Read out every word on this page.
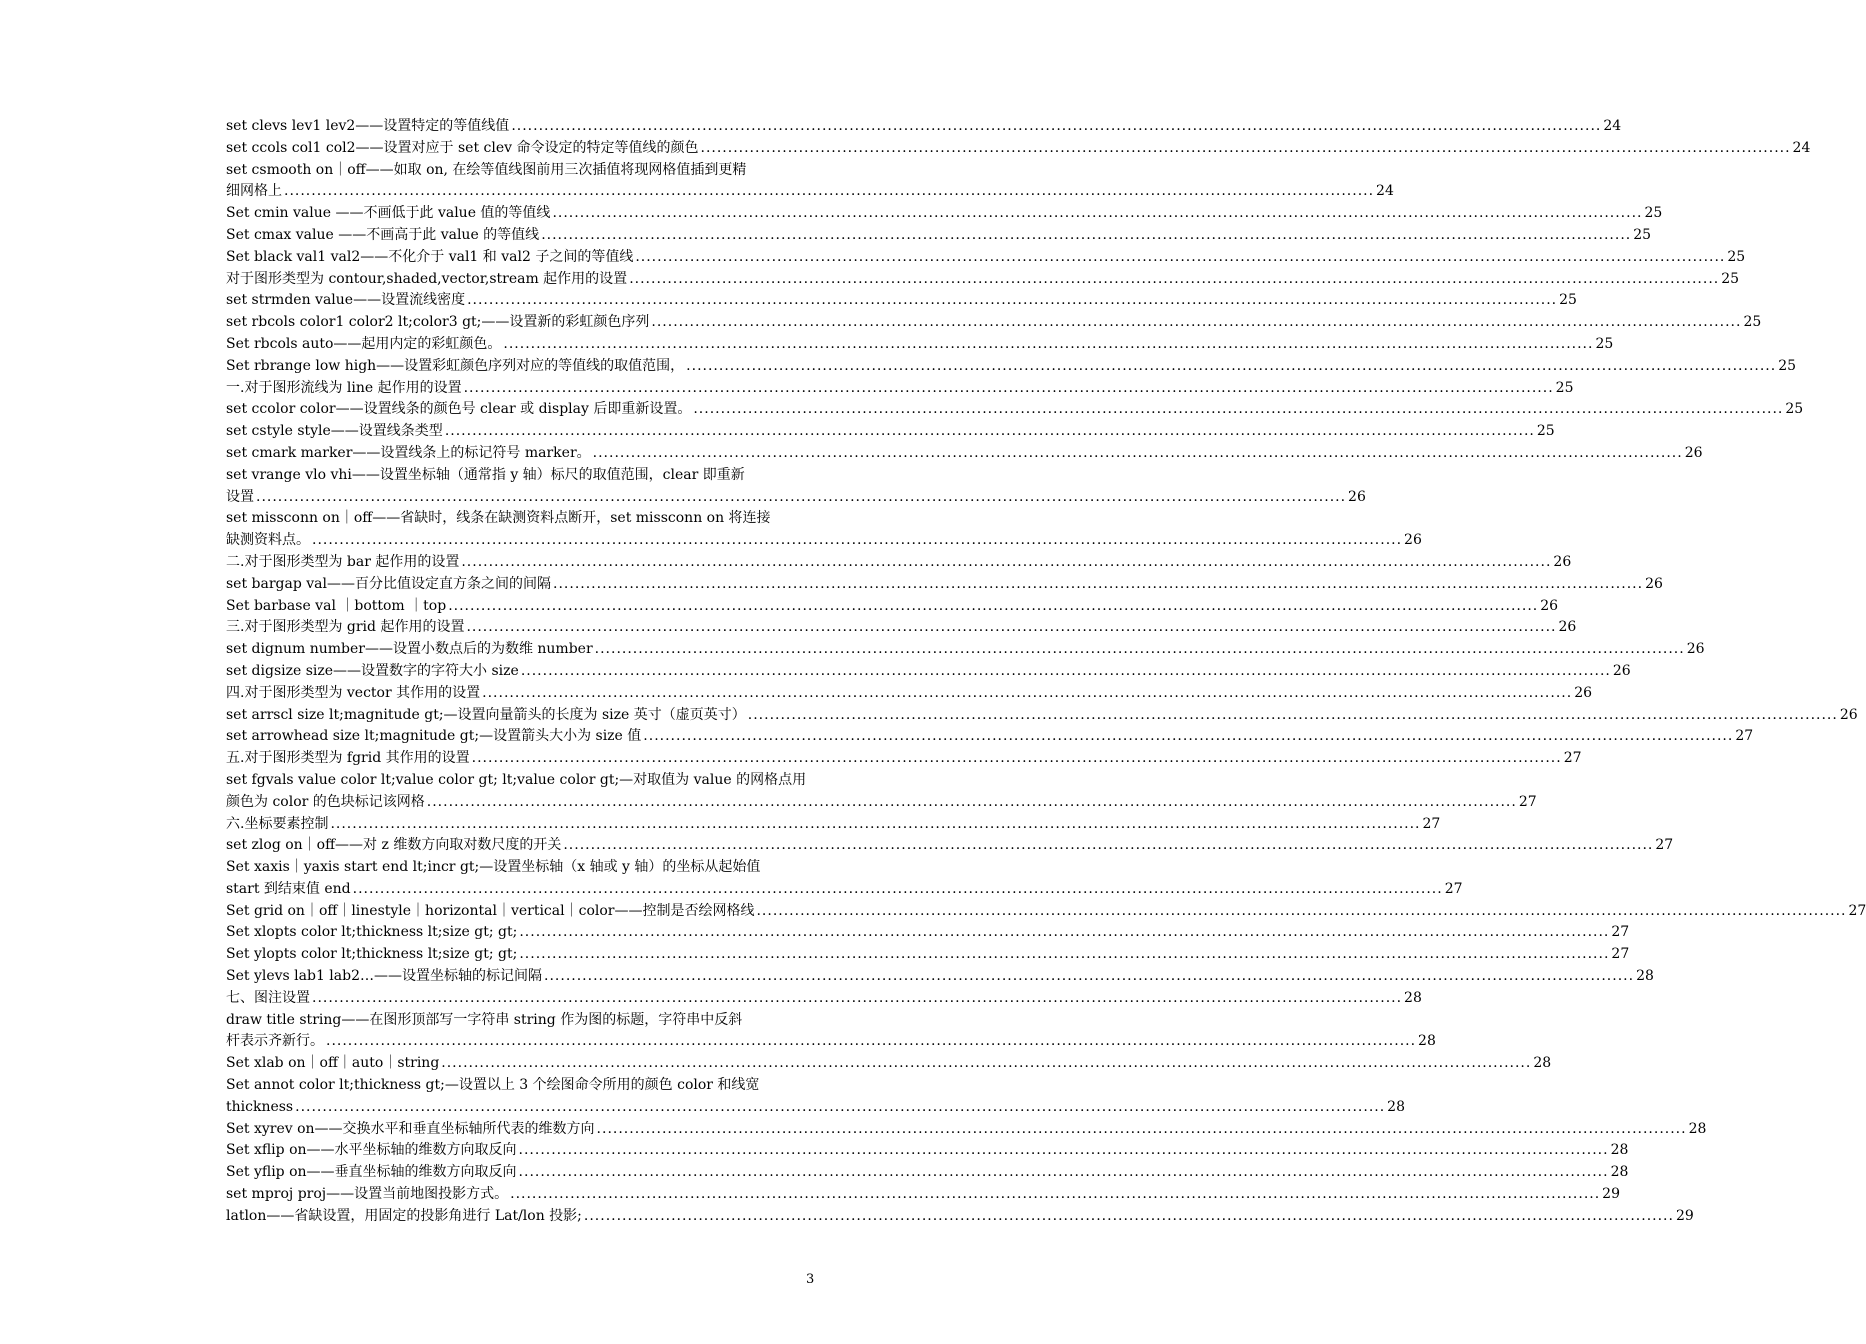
set clevs lev1 lev2——设置特定的等值线值 ........................................................................................................................................................................................................ 24
set ccols col1 col2——设置对应于 set clev 命令设定的特定等值线的颜色 ........................................................................................................................................................................................................ 24
set csmooth on｜off——如取 on, 在绘等值线图前用三次插值将现网格值插到更精
细网格上 ........................................................................................................................................................................................................ 24
Set cmin value ——不画低于此 value 值的等值线 ........................................................................................................................................................................................................ 25
Set cmax value ——不画高于此 value 的等值线 ........................................................................................................................................................................................................ 25
Set black val1 val2——不化介于 val1 和 val2 子之间的等值线 ........................................................................................................................................................................................................ 25
对于图形类型为 contour,shaded,vector,stream 起作用的设置 ........................................................................................................................................................................................................ 25
set strmden value——设置流线密度 ........................................................................................................................................................................................................ 25
set rbcols color1 color2 lt;color3 gt;——设置新的彩虹颜色序列 ........................................................................................................................................................................................................ 25
Set rbcols auto——起用内定的彩虹颜色。 ........................................................................................................................................................................................................ 25
Set rbrange low high——设置彩虹颜色序列对应的等值线的取值范围， ........................................................................................................................................................................................................ 25
一.对于图形流线为 line 起作用的设置 ........................................................................................................................................................................................................ 25
set ccolor color——设置线条的颜色号 clear 或 display 后即重新设置。 ........................................................................................................................................................................................................ 25
set cstyle style——设置线条类型 ........................................................................................................................................................................................................ 25
set cmark marker——设置线条上的标记符号 marker。 ........................................................................................................................................................................................................ 26
set vrange vlo vhi——设置坐标轴（通常指 y 轴）标尺的取值范围，clear 即重新
设置 ........................................................................................................................................................................................................ 26
set missconn on｜off——省缺时，线条在缺测资料点断开，set missconn on 将连接
缺测资料点。 ........................................................................................................................................................................................................ 26
二.对于图形类型为 bar 起作用的设置 ........................................................................................................................................................................................................ 26
set bargap val——百分比值设定直方条之间的间隔 ........................................................................................................................................................................................................ 26
Set barbase val ｜bottom ｜top ........................................................................................................................................................................................................ 26
三.对于图形类型为 grid 起作用的设置 ........................................................................................................................................................................................................ 26
set dignum number——设置小数点后的为数维 number ........................................................................................................................................................................................................ 26
set digsize size——设置数字的字符大小 size ........................................................................................................................................................................................................ 26
四.对于图形类型为 vector 其作用的设置 ........................................................................................................................................................................................................ 26
set arrscl size lt;magnitude gt;—设置向量箭头的长度为 size 英寸（虚页英寸） ........................................................................................................................................................................................................ 26
set arrowhead size lt;magnitude gt;—设置箭头大小为 size 值 ........................................................................................................................................................................................................ 27
五.对于图形类型为 fgrid 其作用的设置 ........................................................................................................................................................................................................ 27
set fgvals value color lt;value color gt; lt;value color gt;—对取值为 value 的网格点用
颜色为 color 的色块标记该网格 ........................................................................................................................................................................................................ 27
六.坐标要素控制 ........................................................................................................................................................................................................ 27
set zlog on｜off——对 z 维数方向取对数尺度的开关 ........................................................................................................................................................................................................ 27
Set xaxis｜yaxis start end lt;incr gt;—设置坐标轴（x 轴或 y 轴）的坐标从起始值
start 到结束值 end ........................................................................................................................................................................................................ 27
Set grid on｜off｜linestyle｜horizontal｜vertical｜color——控制是否绘网格线 ........................................................................................................................................................................................................ 27
Set xlopts color lt;thickness lt;size gt; gt; ........................................................................................................................................................................................................ 27
Set ylopts color lt;thickness lt;size gt; gt; ........................................................................................................................................................................................................ 27
Set ylevs lab1 lab2…——设置坐标轴的标记间隔 ........................................................................................................................................................................................................ 28
七、图注设置 ........................................................................................................................................................................................................ 28
draw title string——在图形顶部写一字符串 string 作为图的标题，字符串中反斜
杆表示齐新行。 ........................................................................................................................................................................................................ 28
Set xlab on｜off｜auto｜string ........................................................................................................................................................................................................ 28
Set annot color lt;thickness gt;—设置以上 3 个绘图命令所用的颜色 color 和线宽
thickness ........................................................................................................................................................................................................ 28
Set xyrev on——交换水平和垂直坐标轴所代表的维数方向 ........................................................................................................................................................................................................ 28
Set xflip on——水平坐标轴的维数方向取反向 ........................................................................................................................................................................................................ 28
Set yflip on——垂直坐标轴的维数方向取反向 ........................................................................................................................................................................................................ 28
set mproj proj——设置当前地图投影方式。 ........................................................................................................................................................................................................ 29
latlon——省缺设置，用固定的投影角进行 Lat/lon 投影; ........................................................................................................................................................................................................ 29
3
